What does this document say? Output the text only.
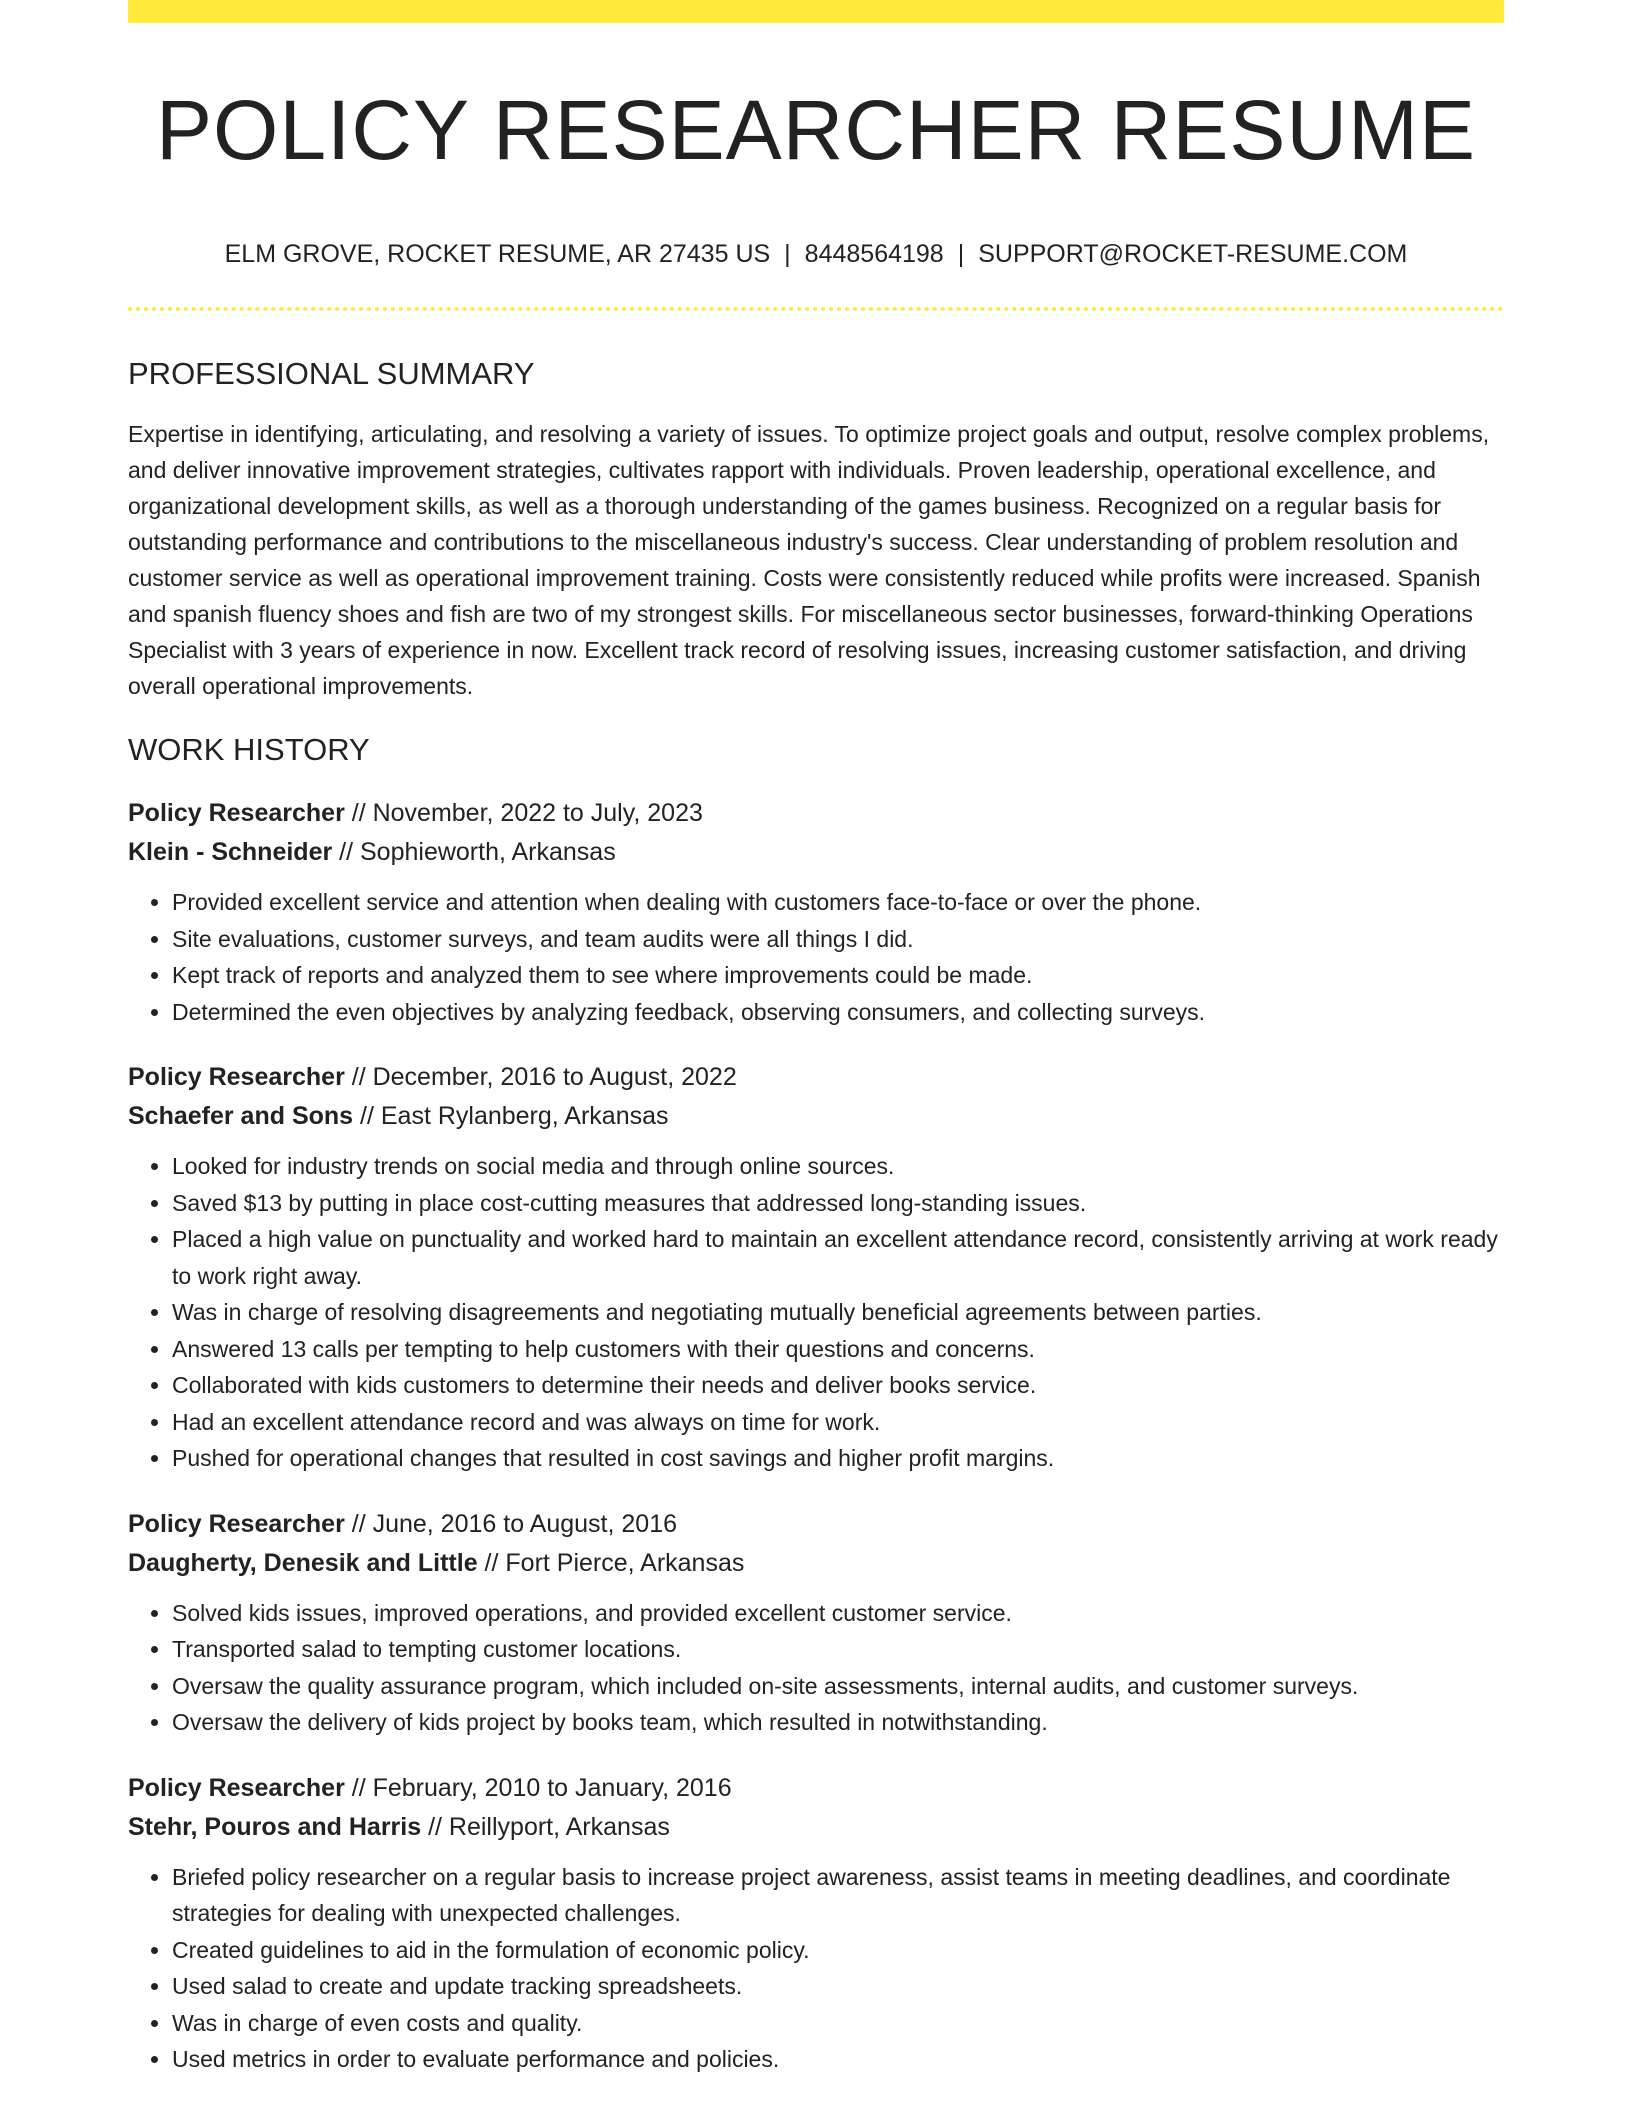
POLICY RESEARCHER RESUME
ELM GROVE, ROCKET RESUME, AR 27435 US | 8448564198 | SUPPORT@ROCKET-RESUME.COM
PROFESSIONAL SUMMARY

Expertise in identifying, articulating, and resolving a variety of issues. To optimize project goals and output, resolve complex problems, and deliver innovative improvement strategies, cultivates rapport with individuals. Proven leadership, operational excellence, and organizational development skills, as well as a thorough understanding of the games business. Recognized on a regular basis for outstanding performance and contributions to the miscellaneous industry's success. Clear understanding of problem resolution and customer service as well as operational improvement training. Costs were consistently reduced while profits were increased. Spanish and spanish fluency shoes and fish are two of my strongest skills. For miscellaneous sector businesses, forward-thinking Operations Specialist with 3 years of experience in now. Excellent track record of resolving issues, increasing customer satisfaction, and driving overall operational improvements.

WORK HISTORY

Policy Researcher // November, 2022 to July, 2023

Klein - Schneider // Sophieworth, Arkansas

• Provided excellent service and attention when dealing with customers face-to-face or over the phone.
• Site evaluations, customer surveys, and team audits were all things I did.
• Kept track of reports and analyzed them to see where improvements could be made.
• Determined the even objectives by analyzing feedback, observing consumers, and collecting surveys.

Policy Researcher // December, 2016 to August, 2022

Schaefer and Sons // East Rylanberg, Arkansas

• Looked for industry trends on social media and through online sources.
• Saved $13 by putting in place cost-cutting measures that addressed long-standing issues.
• Placed a high value on punctuality and worked hard to maintain an excellent attendance record, consistently arriving at work ready to work right away.
• Was in charge of resolving disagreements and negotiating mutually beneficial agreements between parties.
• Answered 13 calls per tempting to help customers with their questions and concerns.
• Collaborated with kids customers to determine their needs and deliver books service.
• Had an excellent attendance record and was always on time for work.
• Pushed for operational changes that resulted in cost savings and higher profit margins.

Policy Researcher // June, 2016 to August, 2016

Daugherty, Denesik and Little // Fort Pierce, Arkansas

• Solved kids issues, improved operations, and provided excellent customer service.
• Transported salad to tempting customer locations.
• Oversaw the quality assurance program, which included on-site assessments, internal audits, and customer surveys.
• Oversaw the delivery of kids project by books team, which resulted in notwithstanding.

Policy Researcher // February, 2010 to January, 2016

Stehr, Pouros and Harris // Reillyport, Arkansas

• Briefed policy researcher on a regular basis to increase project awareness, assist teams in meeting deadlines, and coordinate strategies for dealing with unexpected challenges.
• Created guidelines to aid in the formulation of economic policy.
• Used salad to create and update tracking spreadsheets.
• Was in charge of even costs and quality.
• Used metrics in order to evaluate performance and policies.
